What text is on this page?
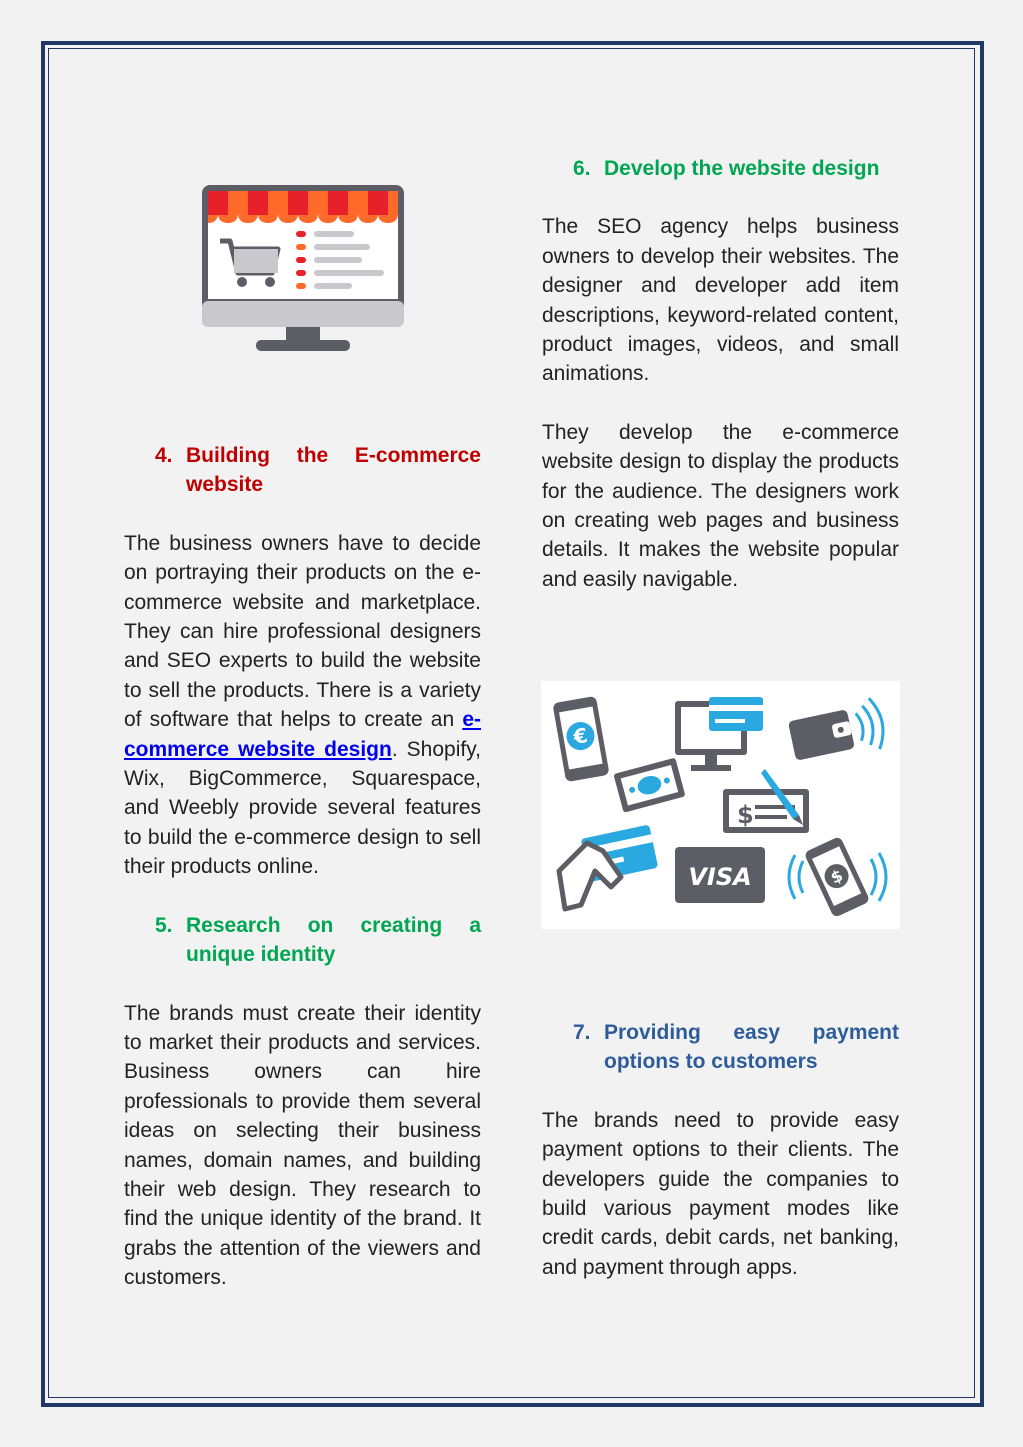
4. Building the E-commerce website

The business owners have to decide on portraying their products on the e-commerce website and marketplace. They can hire professional designers and SEO experts to build the website to sell the products. There is a variety of software that helps to create an e-commerce website design. Shopify, Wix, BigCommerce, Squarespace, and Weebly provide several features to build the e-commerce design to sell their products online.

5. Research on creating a unique identity

The brands must create their identity to market their products and services. Business owners can hire professionals to provide them several ideas on selecting their business names, domain names, and building their web design. They research to find the unique identity of the brand. It grabs the attention of the viewers and customers.

6. Develop the website design

The SEO agency helps business owners to develop their websites. The designer and developer add item descriptions, keyword-related content, product images, videos, and small animations.

They develop the e-commerce website design to display the products for the audience. The designers work on creating web pages and business details. It makes the website popular and easily navigable.

€
$
VISA	$
7. Providing easy payment options to customers

The brands need to provide easy payment options to their clients. The developers guide the companies to build various payment modes like credit cards, debit cards, net banking, and payment through apps.
